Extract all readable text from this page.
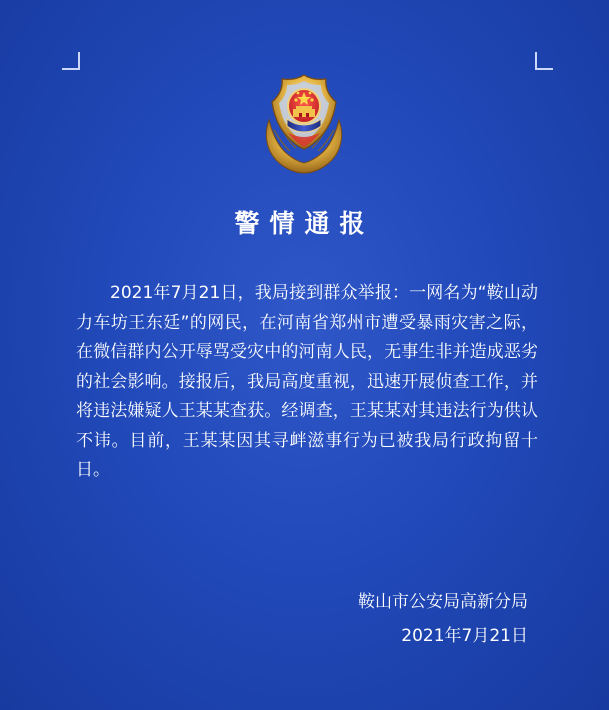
警情通报

2021年7月21日，我局接到群众举报：一网名为“鞍山动力车坊王东廷”的网民，在河南省郑州市遭受暴雨灾害之际，在微信群内公开辱骂受灾中的河南人民，无事生非并造成恶劣的社会影响。接报后，我局高度重视，迅速开展侦查工作，并将违法嫌疑人王某某查获。经调查，王某某对其违法行为供认不讳。目前，王某某因其寻衅滋事行为已被我局行政拘留十日。

鞍山市公安局高新分局
2021年7月21日
